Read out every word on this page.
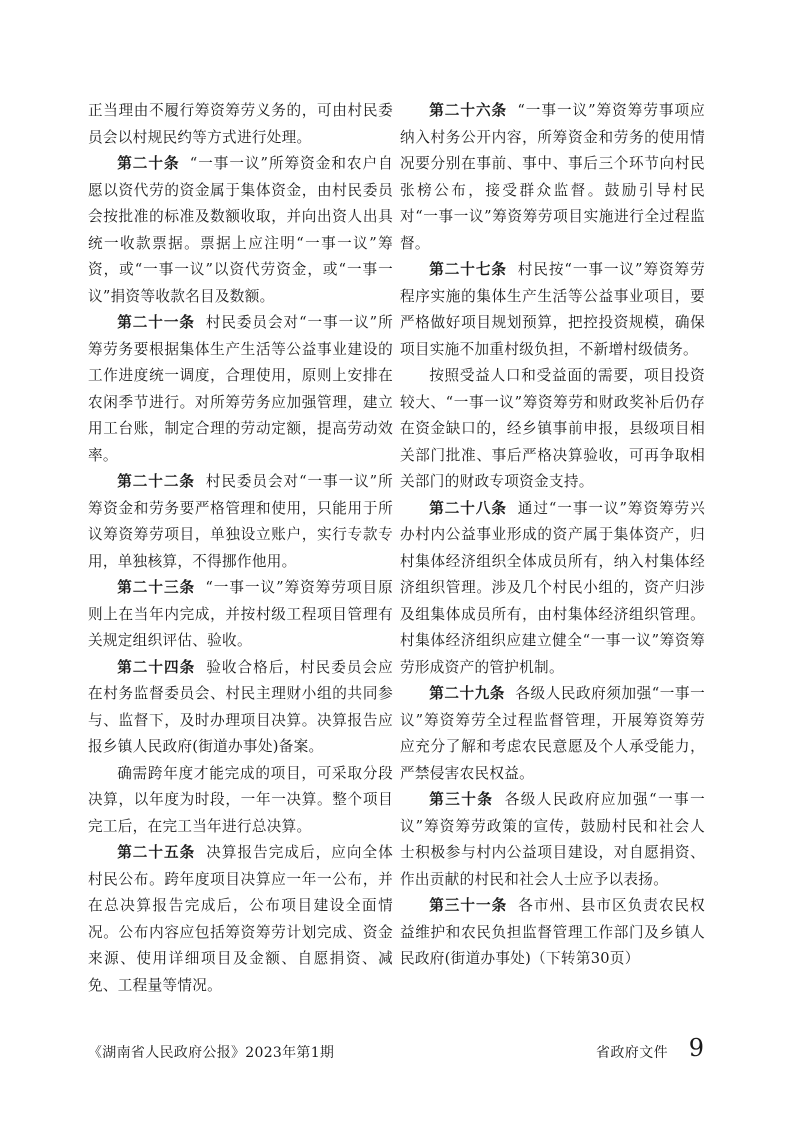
正当理由不履行筹资筹劳义务的，可由村民委员会以村规民约等方式进行处理。

第二十条 “一事一议”所筹资金和农户自愿以资代劳的资金属于集体资金，由村民委员会按批准的标准及数额收取，并向出资人出具统一收款票据。票据上应注明“一事一议”筹资，或“一事一议”以资代劳资金，或“一事一议”捐资等收款名目及数额。

第二十一条 村民委员会对“一事一议”所筹劳务要根据集体生产生活等公益事业建设的工作进度统一调度，合理使用，原则上安排在农闲季节进行。对所筹劳务应加强管理，建立用工台账，制定合理的劳动定额，提高劳动效率。

第二十二条 村民委员会对“一事一议”所筹资金和劳务要严格管理和使用，只能用于所议筹资筹劳项目，单独设立账户，实行专款专用，单独核算，不得挪作他用。

第二十三条 “一事一议”筹资筹劳项目原则上在当年内完成，并按村级工程项目管理有关规定组织评估、验收。

第二十四条 验收合格后，村民委员会应在村务监督委员会、村民主理财小组的共同参与、监督下，及时办理项目决算。决算报告应报乡镇人民政府(街道办事处)备案。

确需跨年度才能完成的项目，可采取分段决算，以年度为时段，一年一决算。整个项目完工后，在完工当年进行总决算。

第二十五条 决算报告完成后，应向全体村民公布。跨年度项目决算应一年一公布，并在总决算报告完成后，公布项目建设全面情况。公布内容应包括筹资筹劳计划完成、资金来源、使用详细项目及金额、自愿捐资、减免、工程量等情况。

第二十六条 “一事一议”筹资筹劳事项应纳入村务公开内容，所筹资金和劳务的使用情况要分别在事前、事中、事后三个环节向村民张榜公布，接受群众监督。鼓励引导村民对“一事一议”筹资筹劳项目实施进行全过程监督。

第二十七条 村民按“一事一议”筹资筹劳程序实施的集体生产生活等公益事业项目，要严格做好项目规划预算，把控投资规模，确保项目实施不加重村级负担，不新增村级债务。

按照受益人口和受益面的需要，项目投资较大、“一事一议”筹资筹劳和财政奖补后仍存在资金缺口的，经乡镇事前申报，县级项目相关部门批准、事后严格决算验收，可再争取相关部门的财政专项资金支持。

第二十八条 通过“一事一议”筹资筹劳兴办村内公益事业形成的资产属于集体资产，归村集体经济组织全体成员所有，纳入村集体经济组织管理。涉及几个村民小组的，资产归涉及组集体成员所有，由村集体经济组织管理。村集体经济组织应建立健全“一事一议”筹资筹劳形成资产的管护机制。

第二十九条 各级人民政府须加强“一事一议”筹资筹劳全过程监督管理，开展筹资筹劳应充分了解和考虑农民意愿及个人承受能力，严禁侵害农民权益。

第三十条 各级人民政府应加强“一事一议”筹资筹劳政策的宣传，鼓励村民和社会人士积极参与村内公益项目建设，对自愿捐资、作出贡献的村民和社会人士应予以表扬。

第三十一条 各市州、县市区负责农民权益维护和农民负担监督管理工作部门及乡镇人民政府(街道办事处)（下转第30页）

《湖南省人民政府公报》2023年第1期	省政府文件 9
